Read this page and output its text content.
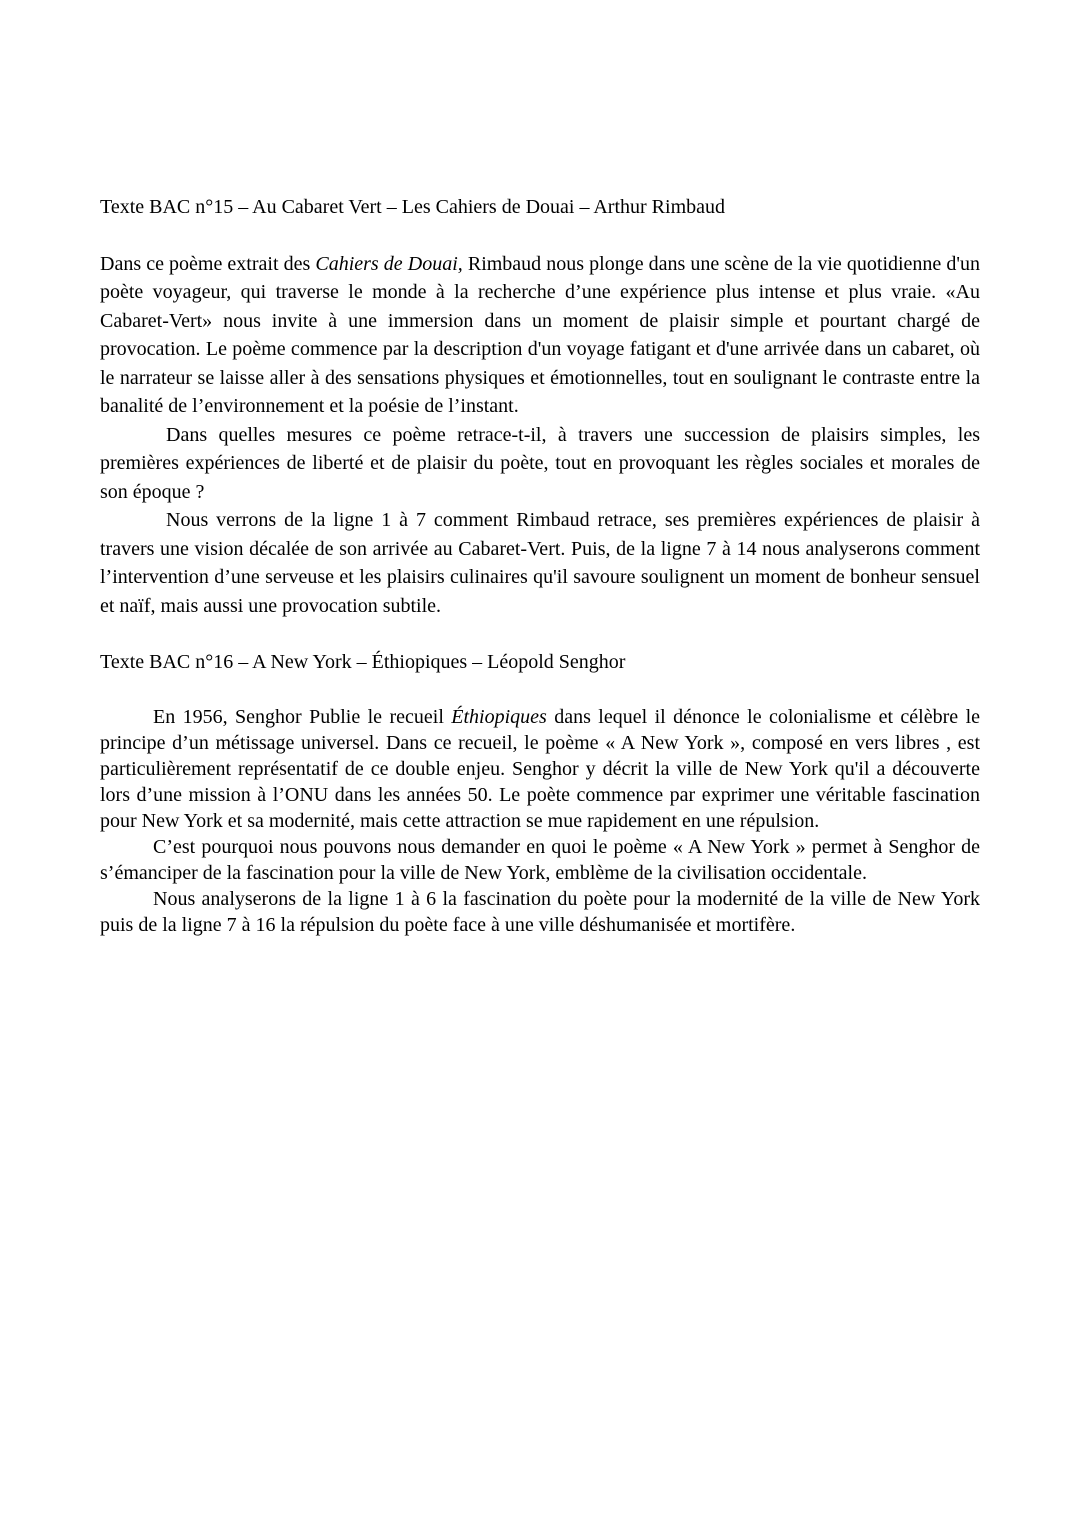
Texte BAC n°15 – Au Cabaret Vert – Les Cahiers de Douai – Arthur Rimbaud

Dans ce poème extrait des Cahiers de Douai, Rimbaud nous plonge dans une scène de la vie quotidienne d'un poète voyageur, qui traverse le monde à la recherche d’une expérience plus intense et plus vraie. «Au Cabaret-Vert» nous invite à une immersion dans un moment de plaisir simple et pourtant chargé de provocation. Le poème commence par la description d'un voyage fatigant et d'une arrivée dans un cabaret, où le narrateur se laisse aller à des sensations physiques et émotionnelles, tout en soulignant le contraste entre la banalité de l’environnement et la poésie de l’instant.

Dans quelles mesures ce poème retrace-t-il, à travers une succession de plaisirs simples, les premières expériences de liberté et de plaisir du poète, tout en provoquant les règles sociales et morales de son époque ?

Nous verrons de la ligne 1 à 7 comment Rimbaud retrace, ses premières expériences de plaisir à travers une vision décalée de son arrivée au Cabaret-Vert. Puis, de la ligne 7 à 14 nous analyserons comment l’intervention d’une serveuse et les plaisirs culinaires qu'il savoure soulignent un moment de bonheur sensuel et naïf, mais aussi une provocation subtile.

Texte BAC n°16 – A New York – Éthiopiques – Léopold Senghor

En 1956, Senghor Publie le recueil Éthiopiques dans lequel il dénonce le colonialisme et célèbre le principe d’un métissage universel. Dans ce recueil, le poème « A New York », composé en vers libres , est particulièrement représentatif de ce double enjeu. Senghor y décrit la ville de New York qu'il a découverte lors d’une mission à l’ONU dans les années 50. Le poète commence par exprimer une véritable fascination pour New York et sa modernité, mais cette attraction se mue rapidement en une répulsion.

C’est pourquoi nous pouvons nous demander en quoi le poème « A New York » permet à Senghor de s’émanciper de la fascination pour la ville de New York, emblème de la civilisation occidentale.

Nous analyserons de la ligne 1 à 6 la fascination du poète pour la modernité de la ville de New York puis de la ligne 7 à 16 la répulsion du poète face à une ville déshumanisée et mortifère.
